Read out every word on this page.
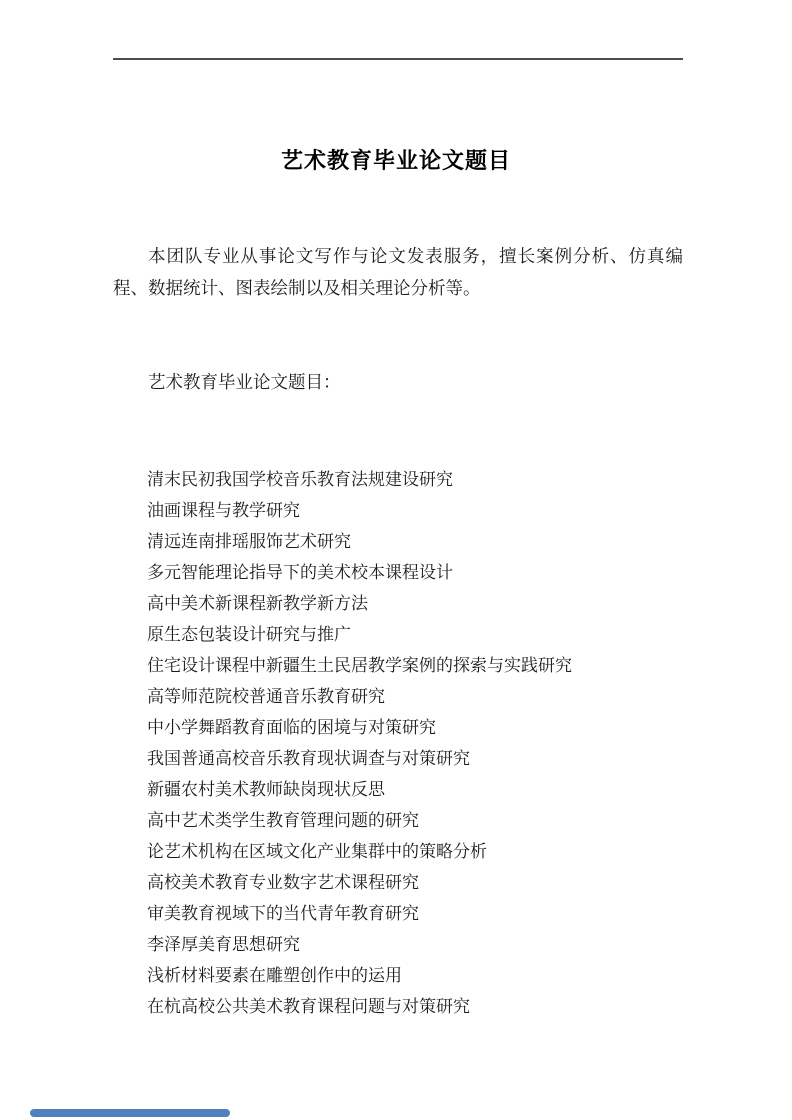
艺术教育毕业论文题目

本团队专业从事论文写作与论文发表服务，擅长案例分析、仿真编程、数据统计、图表绘制以及相关理论分析等。

艺术教育毕业论文题目：
清末民初我国学校音乐教育法规建设研究
油画课程与教学研究
清远连南排瑶服饰艺术研究
多元智能理论指导下的美术校本课程设计
高中美术新课程新教学新方法
原生态包装设计研究与推广
住宅设计课程中新疆生土民居教学案例的探索与实践研究
高等师范院校普通音乐教育研究
中小学舞蹈教育面临的困境与对策研究
我国普通高校音乐教育现状调查与对策研究
新疆农村美术教师缺岗现状反思
高中艺术类学生教育管理问题的研究
论艺术机构在区域文化产业集群中的策略分析
高校美术教育专业数字艺术课程研究
审美教育视域下的当代青年教育研究
李泽厚美育思想研究
浅析材料要素在雕塑创作中的运用
在杭高校公共美术教育课程问题与对策研究
